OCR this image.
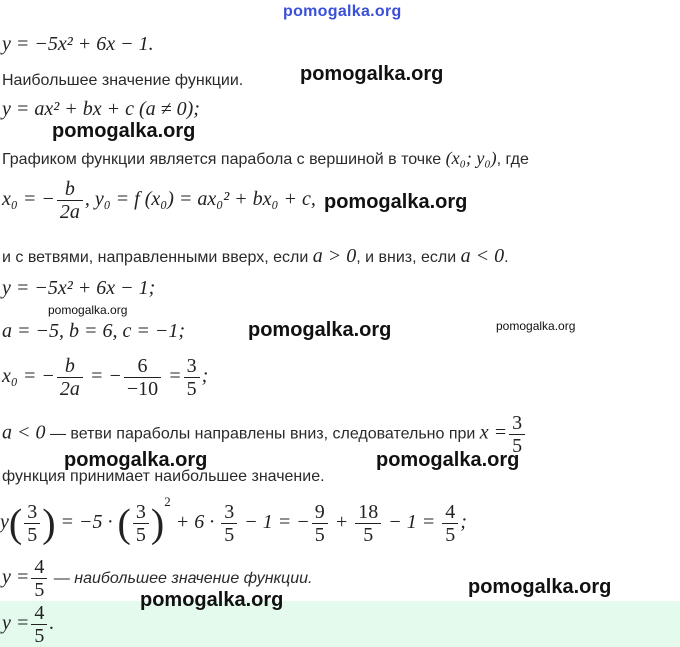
pomogalka.org
y = −5x² + 6x − 1.
Наибольшее значение функции.	pomogalka.org
y = ax² + bx + c (a ≠ 0);
pomogalka.org
Графиком функции является парабола с вершиной в точке (x₀; y₀), где
x₀ = − $\frac{b}{2a}$ , y₀ = f (x₀) = ax₀² + bx₀ + c, pomogalka.org
и с ветвями, направленными вверх, если a > 0, и вниз, если a < 0.
y = −5x² + 6x − 1;
pomogalka.org
a = −5, b = 6, c = −1;	pomogalka.org	pomogalka.org
x₀ = − $\frac{b}{2a}$ = − $\frac{6}{-10} = \frac{3}{5}$ ;
a < 0 — ветви параболы направлены вниз, следовательно при $x = \frac{3}{5}$
pomogalka.org	pomogalka.org
функция принимает наибольшее значение.
$y( \frac{3}{5}$ ) = −5 · ( $\frac{3}{5} )^2 + 6 \cdot \frac{3}{5} - 1$ = − $\frac{9}{5} + \frac{18}{5} - 1 = \frac{4}{5}$ ;
$y = \frac{4}{5}$ — наибольшее значение функции.	pomogalka.org
pomogalka.org
$y = \frac{4}{5}$ .
